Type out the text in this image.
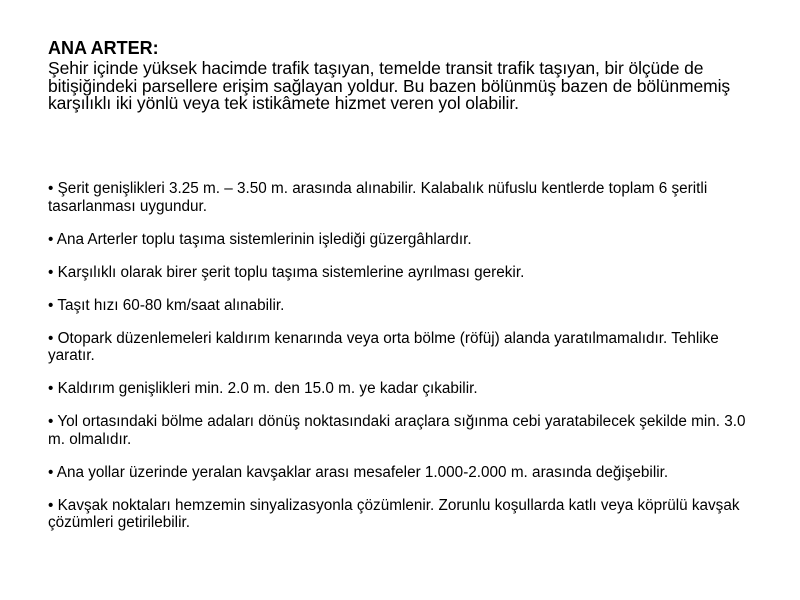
ANA ARTER:
Şehir içinde yüksek hacimde trafik taşıyan, temelde transit trafik taşıyan, bir ölçüde de bitişiğindeki parsellere erişim sağlayan yoldur. Bu bazen bölünmüş bazen de bölünmemiş karşılıklı iki yönlü veya tek istikâmete hizmet veren yol olabilir.
• Şerit genişlikleri 3.25 m. – 3.50 m. arasında alınabilir. Kalabalık nüfuslu kentlerde toplam 6 şeritli tasarlanması uygundur.
• Ana Arterler toplu taşıma sistemlerinin işlediği güzergâhlardır.
• Karşılıklı olarak birer şerit toplu taşıma sistemlerine ayrılması gerekir.
• Taşıt hızı 60-80 km/saat alınabilir.
• Otopark düzenlemeleri kaldırım kenarında veya orta bölme (röfüj) alanda yaratılmamalıdır. Tehlike yaratır.
• Kaldırım genişlikleri min. 2.0 m. den 15.0 m. ye kadar çıkabilir.
• Yol ortasındaki bölme adaları dönüş noktasındaki araçlara sığınma cebi yaratabilecek şekilde min. 3.0 m. olmalıdır.
• Ana yollar üzerinde yeralan kavşaklar arası mesafeler 1.000-2.000 m. arasında değişebilir.
• Kavşak noktaları hemzemin sinyalizasyonla çözümlenir. Zorunlu koşullarda katlı veya köprülü kavşak çözümleri getirilebilir.
